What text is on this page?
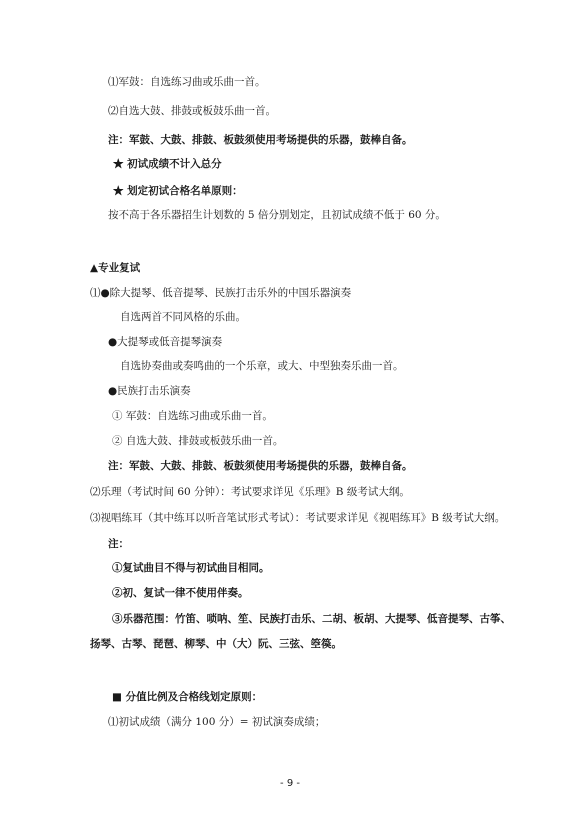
⑴军鼓：自选练习曲或乐曲一首。
⑵自选大鼓、排鼓或板鼓乐曲一首。
注：军鼓、大鼓、排鼓、板鼓须使用考场提供的乐器，鼓棒自备。
★ 初试成绩不计入总分
★ 划定初试合格名单原则：
按不高于各乐器招生计划数的 5 倍分别划定，且初试成绩不低于 60 分。
▲专业复试
⑴●除大提琴、低音提琴、民族打击乐外的中国乐器演奏
自选两首不同风格的乐曲。
●大提琴或低音提琴演奏
自选协奏曲或奏鸣曲的一个乐章，或大、中型独奏乐曲一首。
●民族打击乐演奏
① 军鼓：自选练习曲或乐曲一首。
② 自选大鼓、排鼓或板鼓乐曲一首。
注：军鼓、大鼓、排鼓、板鼓须使用考场提供的乐器，鼓棒自备。
⑵乐理（考试时间 60 分钟）：考试要求详见《乐理》B 级考试大纲。
⑶视唱练耳（其中练耳以听音笔试形式考试）：考试要求详见《视唱练耳》B 级考试大纲。
注：
①复试曲目不得与初试曲目相同。
②初、复试一律不使用伴奏。
③乐器范围：竹笛、唢呐、笙、民族打击乐、二胡、板胡、大提琴、低音提琴、古筝、
扬琴、古琴、琵琶、柳琴、中（大）阮、三弦、箜篌。
■ 分值比例及合格线划定原则：
⑴初试成绩（满分 100 分）= 初试演奏成绩；
- 9 -
